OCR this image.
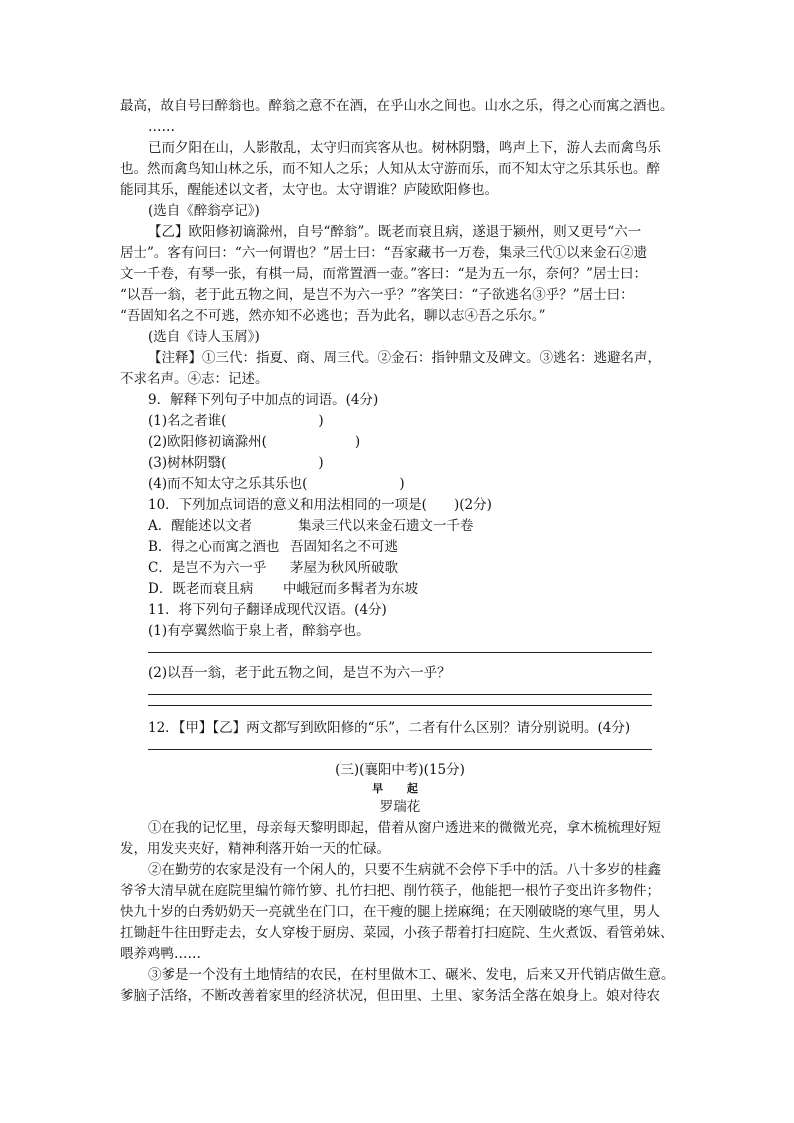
最高，故自号曰醉翁也。醉翁之意不在酒，在乎山水之间也。山水之乐，得之心而寓之酒也。
……
已而夕阳在山，人影散乱，太守归而宾客从也。树林阴翳，鸣声上下，游人去而禽鸟乐
也。然而禽鸟知山林之乐，而不知人之乐；人知从太守游而乐，而不知太守之乐其乐也。醉
能同其乐，醒能述以文者，太守也。太守谓谁？庐陵欧阳修也。
(选自《醉翁亭记》)
【乙】欧阳修初谪滁州，自号“醉翁”。既老而衰且病，遂退于颍州，则又更号“六一
居士”。客有问曰：“六一何谓也？”居士曰：“吾家藏书一万卷，集录三代①以来金石②遗
文一千卷，有琴一张，有棋一局，而常置酒一壶。”客曰：“是为五一尔，奈何？”居士曰：
“以吾一翁，老于此五物之间，是岂不为六一乎？”客笑曰：“子欲逃名③乎？”居士曰：
“吾固知名之不可逃，然亦知不必逃也；吾为此名，聊以志④吾之乐尔。”
(选自《诗人玉屑》)
【注释】①三代：指夏、商、周三代。②金石：指钟鼎文及碑文。③逃名：逃避名声，
不求名声。④志：记述。
9．解释下列句子中加点的词语。(4分)
(1)名之者谁(	)
(2)欧阳修初谪滁州(	)
(3)树林阴翳(	)
(4)而不知太守之乐其乐也(	)
10．下列加点词语的意义和用法相同的一项是(　　)(2分)
A．醒能述以文者	集录三代以来金石遗文一千卷
B．得之心而寓之酒也 吾固知名之不可逃
C．是岂不为六一乎 茅屋为秋风所破歌
D．既老而衰且病 中峨冠而多髯者为东坡
11．将下列句子翻译成现代汉语。(4分)
(1)有亭翼然临于泉上者，醉翁亭也。
(2)以吾一翁，老于此五物之间，是岂不为六一乎？
12．【甲】【乙】两文都写到欧阳修的“乐”，二者有什么区别？请分别说明。(4分)
(三)(襄阳中考)(15分)
早 起
罗瑞花
①在我的记忆里，母亲每天黎明即起，借着从窗户透进来的微微光亮，拿木梳梳理好短
发，用发夹夹好，精神利落开始一天的忙碌。
②在勤劳的农家是没有一个闲人的，只要不生病就不会停下手中的活。八十多岁的桂鑫
爷爷大清早就在庭院里编竹筛竹箩、扎竹扫把、削竹筷子，他能把一根竹子变出许多物件；
快九十岁的白秀奶奶天一亮就坐在门口，在干瘦的腿上搓麻绳；在天刚破晓的寒气里，男人
扛锄赶牛往田野走去，女人穿梭于厨房、菜园，小孩子帮着打扫庭院、生火煮饭、看管弟妹、
喂养鸡鸭……
③爹是一个没有土地情结的农民，在村里做木工、碾米、发电，后来又开代销店做生意。
爹脑子活络，不断改善着家里的经济状况，但田里、土里、家务活全落在娘身上。娘对待农
